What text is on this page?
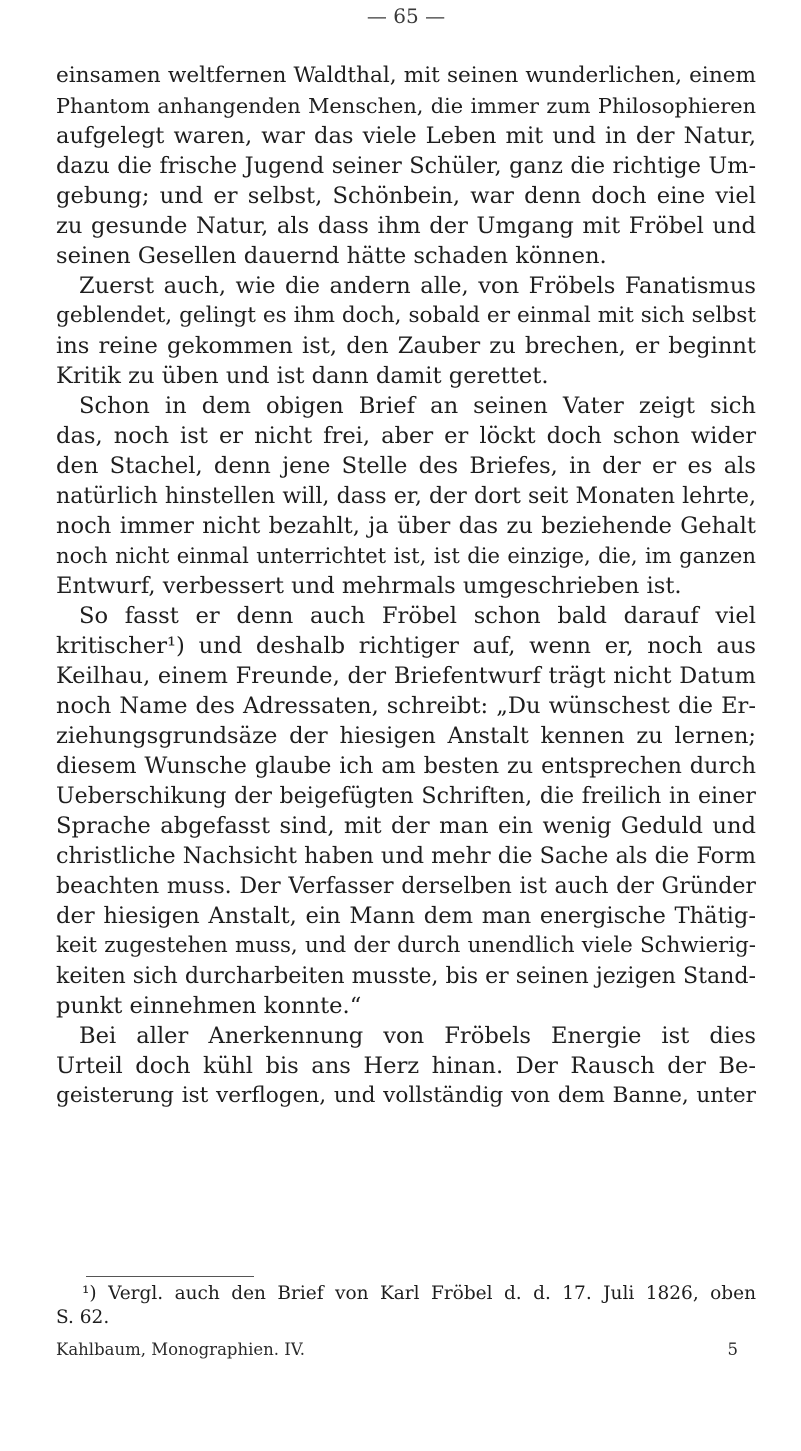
— 65 —
einsamen weltfernen Waldthal, mit seinen wunderlichen, einem
Phantom anhangenden Menschen, die immer zum Philosophieren
aufgelegt waren, war das viele Leben mit und in der Natur,
dazu die frische Jugend seiner Schüler, ganz die richtige Um-
gebung; und er selbst, Schönbein, war denn doch eine viel
zu gesunde Natur, als dass ihm der Umgang mit Fröbel und
seinen Gesellen dauernd hätte schaden können.
Zuerst auch, wie die andern alle, von Fröbels Fanatismus
geblendet, gelingt es ihm doch, sobald er einmal mit sich selbst
ins reine gekommen ist, den Zauber zu brechen, er beginnt
Kritik zu üben und ist dann damit gerettet.
Schon in dem obigen Brief an seinen Vater zeigt sich
das, noch ist er nicht frei, aber er löckt doch schon wider
den Stachel, denn jene Stelle des Briefes, in der er es als
natürlich hinstellen will, dass er, der dort seit Monaten lehrte,
noch immer nicht bezahlt, ja über das zu beziehende Gehalt
noch nicht einmal unterrichtet ist, ist die einzige, die, im ganzen
Entwurf, verbessert und mehrmals umgeschrieben ist.
So fasst er denn auch Fröbel schon bald darauf viel
kritischer¹) und deshalb richtiger auf, wenn er, noch aus
Keilhau, einem Freunde, der Briefentwurf trägt nicht Datum
noch Name des Adressaten, schreibt: „Du wünschest die Er-
ziehungsgrundsäze der hiesigen Anstalt kennen zu lernen;
diesem Wunsche glaube ich am besten zu entsprechen durch
Ueberschikung der beigefügten Schriften, die freilich in einer
Sprache abgefasst sind, mit der man ein wenig Geduld und
christliche Nachsicht haben und mehr die Sache als die Form
beachten muss. Der Verfasser derselben ist auch der Gründer
der hiesigen Anstalt, ein Mann dem man energische Thätig-
keit zugestehen muss, und der durch unendlich viele Schwierig-
keiten sich durcharbeiten musste, bis er seinen jezigen Stand-
punkt einnehmen konnte.“
Bei aller Anerkennung von Fröbels Energie ist dies
Urteil doch kühl bis ans Herz hinan. Der Rausch der Be-
geisterung ist verflogen, und vollständig von dem Banne, unter
¹) Vergl. auch den Brief von Karl Fröbel d. d. 17. Juli 1826, oben
S. 62.
Kahlbaum, Monographien. IV.	5
